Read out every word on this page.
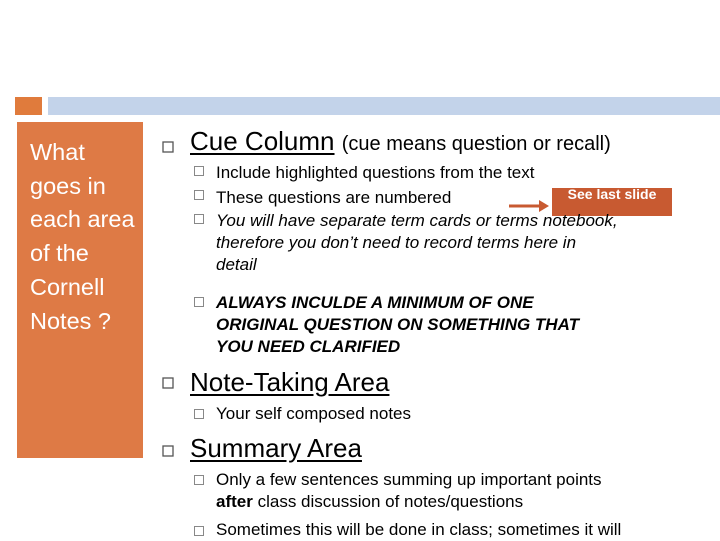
What goes in each area of the Cornell Notes ?
Cue Column (cue means question or recall)
Include highlighted questions from the text
These questions are numbered	See last slide
You will have separate term cards or terms notebook,
therefore you don’t need to record terms here in
detail
ALWAYS INCULDE A MINIMUM OF ONE
ORIGINAL QUESTION ON SOMETHING THAT
YOU NEED CLARIFIED
Note-Taking Area
Your self composed notes
Summary Area
Only a few sentences summing up important points
after class discussion of notes/questions
Sometimes this will be done in class; sometimes it will
